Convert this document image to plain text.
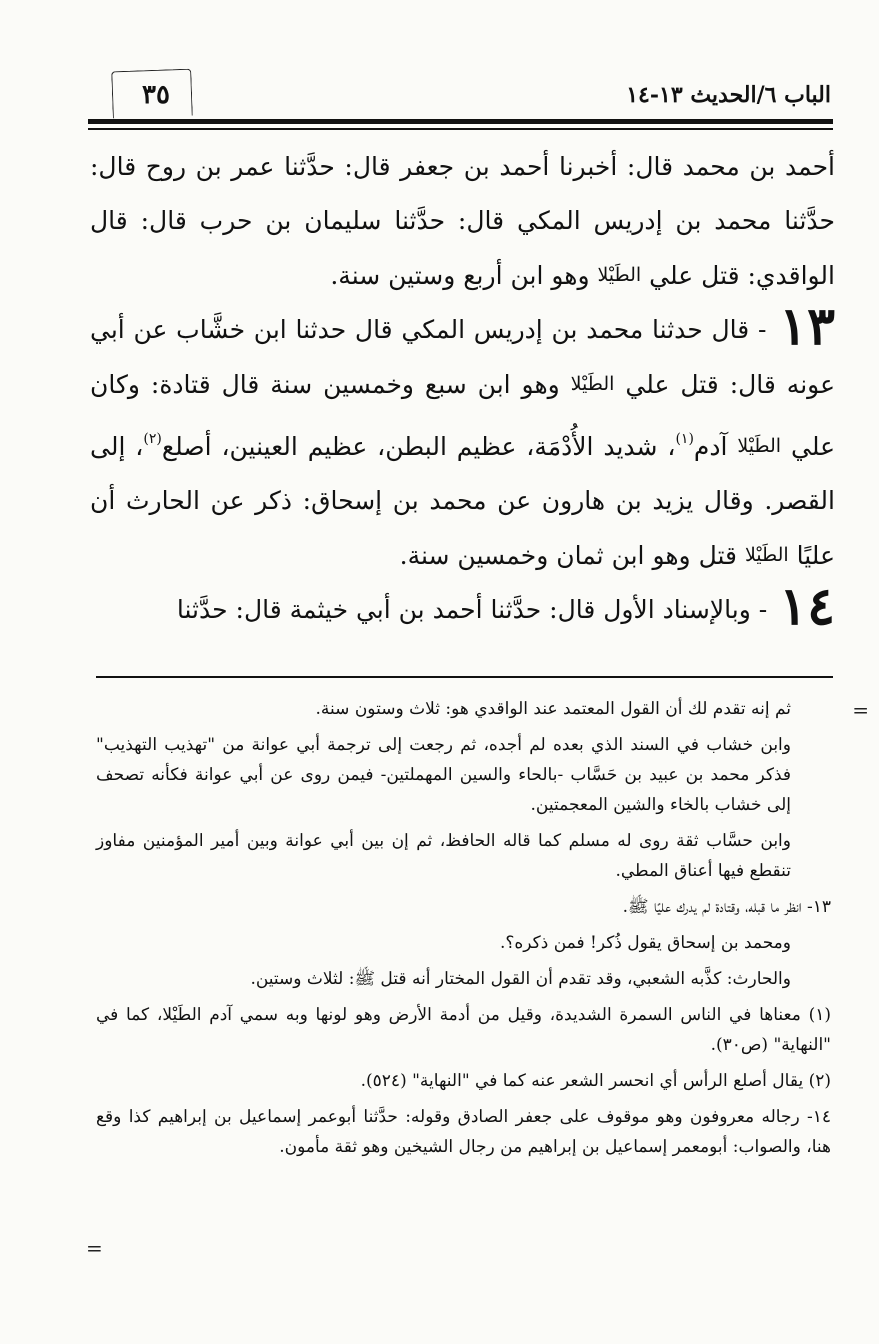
الباب ٦/الحديث ١٣-١٤
٣٥

أحمد بن محمد قال: أخبرنا أحمد بن جعفر قال: حدَّثنا عمر بن روح قال: حدَّثنا محمد بن إدريس المكي قال: حدَّثنا سليمان بن حرب قال: قال الواقدي: قتل علي الطَيْلا وهو ابن أربع وستين سنة.

١٣ - قال حدثنا محمد بن إدريس المكي قال حدثنا ابن خشَّاب عن أبي عونه قال: قتل علي الطَيْلا وهو ابن سبع وخمسين سنة قال قتادة: وكان علي الطَيْلا آدم$^{(١)}$، شديد الأُدْمَة، عظيم البطن، عظيم العينين، أصلع$^{(٢)}$، إلى القصر. وقال يزيد بن هارون عن محمد بن إسحاق: ذكر عن الحارث أن عليًا الطَيْلا قتل وهو ابن ثمان وخمسين سنة.

١٤ - وبالإسناد الأول قال: حدَّثنا أحمد بن أبي خيثمة قال: حدَّثنا

=
=

ثم إنه تقدم لك أن القول المعتمد عند الواقدي هو: ثلاث وستون سنة.

وابن خشاب في السند الذي بعده لم أجده، ثم رجعت إلى ترجمة أبي عوانة من "تهذيب التهذيب" فذكر محمد بن عبيد بن حَسَّاب -بالحاء والسين المهملتين- فيمن روى عن أبي عوانة فكأنه تصحف إلى خشاب بالخاء والشين المعجمتين.

وابن حسَّاب ثقة روى له مسلم كما قاله الحافظ، ثم إن بين أبي عوانة وبين أمير المؤمنين مفاوز تنقطع فيها أعناق المطي.

١٣- انظر ما قبله، وقتادة لم يدرك عليًا ﷺ.

ومحمد بن إسحاق يقول ذُكر! فمن ذكره؟.

والحارث: كذَّبه الشعبي، وقد تقدم أن القول المختار أنه قتل ﷺ: لثلاث وستين.

(١) معناها في الناس السمرة الشديدة، وقيل من أدمة الأرض وهو لونها وبه سمي آدم الطَيْلا، كما في "النهاية" (ص٣٠).

(٢) يقال أصلع الرأس أي انحسر الشعر عنه كما في "النهاية" (٥٢٤).

١٤- رجاله معروفون وهو موقوف على جعفر الصادق وقوله: حدَّثنا أبوعمر إسماعيل بن إبراهيم كذا وقع هنا، والصواب: أبومعمر إسماعيل بن إبراهيم من رجال الشيخين وهو ثقة مأمون.
